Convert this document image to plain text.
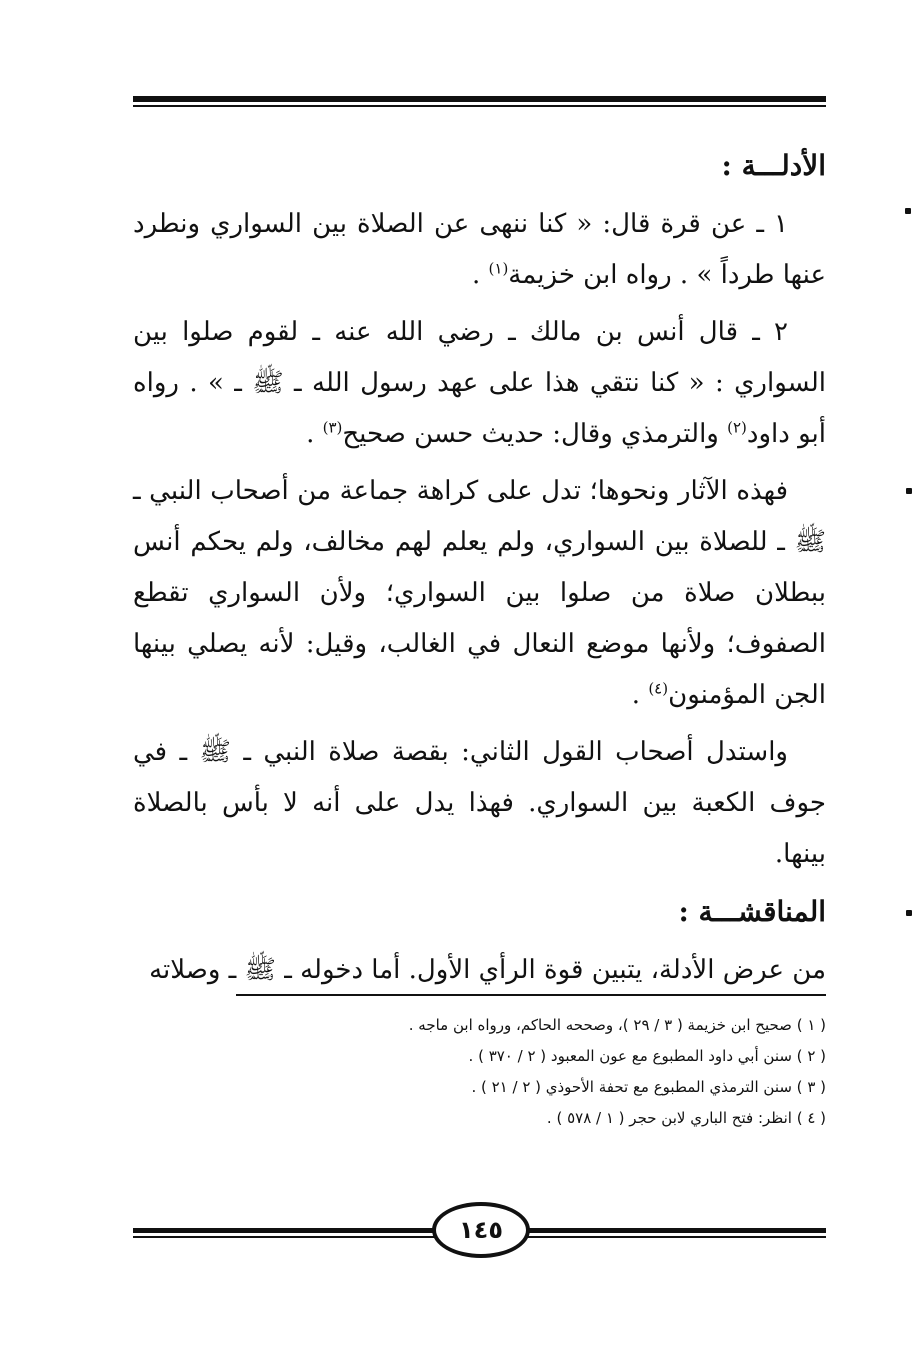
الأدلـــة :

١ ـ عن قرة قال: « كنا ننهى عن الصلاة بين السواري ونطرد عنها طرداً » . رواه ابن خزيمة$^{(١)}$ .

٢ ـ قال أنس بن مالك ـ رضي الله عنه ـ لقوم صلوا بين السواري : « كنا نتقي هذا على عهد رسول الله ـ ﷺ ـ » . رواه أبو داود$^{(٢)}$ والترمذي وقال: حديث حسن صحيح$^{(٣)}$ .

فهذه الآثار ونحوها؛ تدل على كراهة جماعة من أصحاب النبي ـ ﷺ ـ للصلاة بين السواري، ولم يعلم لهم مخالف، ولم يحكم أنس ببطلان صلاة من صلوا بين السواري؛ ولأن السواري تقطع الصفوف؛ ولأنها موضع النعال في الغالب، وقيل: لأنه يصلي بينها الجن المؤمنون$^{(٤)}$ .

واستدل أصحاب القول الثاني: بقصة صلاة النبي ـ ﷺ ـ في جوف الكعبة بين السواري. فهذا يدل على أنه لا بأس بالصلاة بينها.

المناقشـــة :

من عرض الأدلة، يتبين قوة الرأي الأول. أما دخوله ـ ﷺ ـ وصلاته

( ١ ) صحيح ابن خزيمة ( ٣ / ٢٩ )، وصححه الحاكم، ورواه ابن ماجه .
( ٢ ) سنن أبي داود المطبوع مع عون المعبود ( ٢ / ٣٧٠ ) .
( ٣ ) سنن الترمذي المطبوع مع تحفة الأحوذي ( ٢ / ٢١ ) .
( ٤ ) انظر: فتح الباري لابن حجر ( ١ / ٥٧٨ ) .
١٤٥
